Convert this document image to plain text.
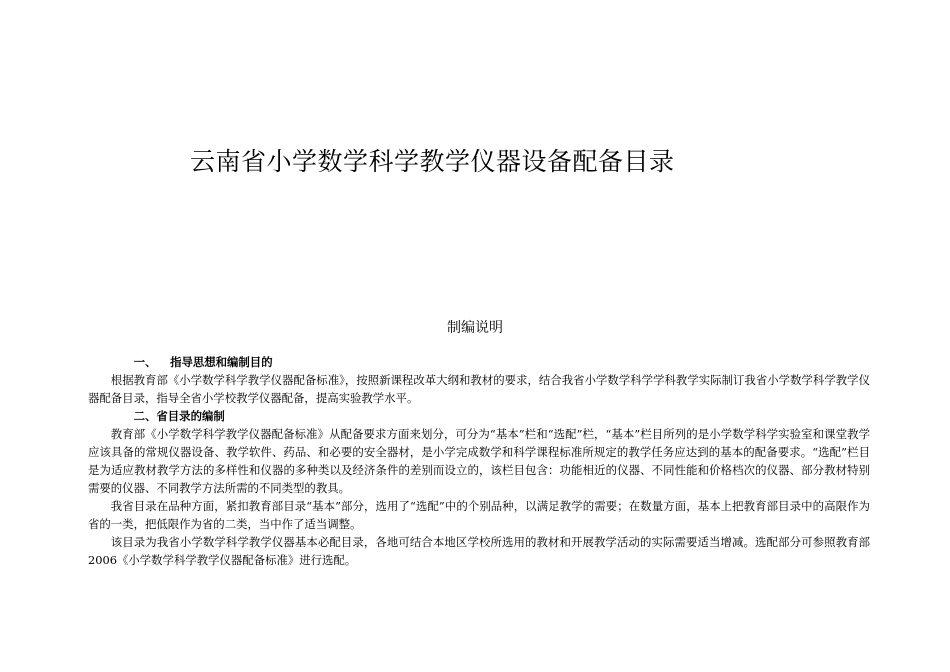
云南省小学数学科学教学仪器设备配备目录
制编说明
一、 指导思想和编制目的

根据教育部《小学数学科学教学仪器配备标准》，按照新课程改革大纲和教材的要求，结合我省小学数学科学学科教学实际制订我省小学数学科学教学仪器配备目录，指导全省小学校教学仪器配备，提高实验教学水平。

二、省目录的编制

教育部《小学数学科学教学仪器配备标准》从配备要求方面来划分，可分为“基本”栏和“选配”栏，“基本”栏目所列的是小学数学科学实验室和课堂教学应该具备的常规仪器设备、教学软件、药品、和必要的安全器材，是小学完成数学和科学课程标准所规定的教学任务应达到的基本的配备要求。“选配”栏目是为适应教材教学方法的多样性和仪器的多种类以及经济条件的差别而设立的，该栏目包含：功能相近的仪器、不同性能和价格档次的仪器、部分教材特别需要的仪器、不同教学方法所需的不同类型的教具。

我省目录在品种方面，紧扣教育部目录“基本”部分，选用了“选配”中的个别品种，以满足教学的需要；在数量方面，基本上把教育部目录中的高限作为省的一类，把低限作为省的二类，当中作了适当调整。

该目录为我省小学数学科学教学仪器基本必配目录，各地可结合本地区学校所选用的教材和开展教学活动的实际需要适当增减。选配部分可参照教育部2006《小学数学科学教学仪器配备标准》进行选配。
